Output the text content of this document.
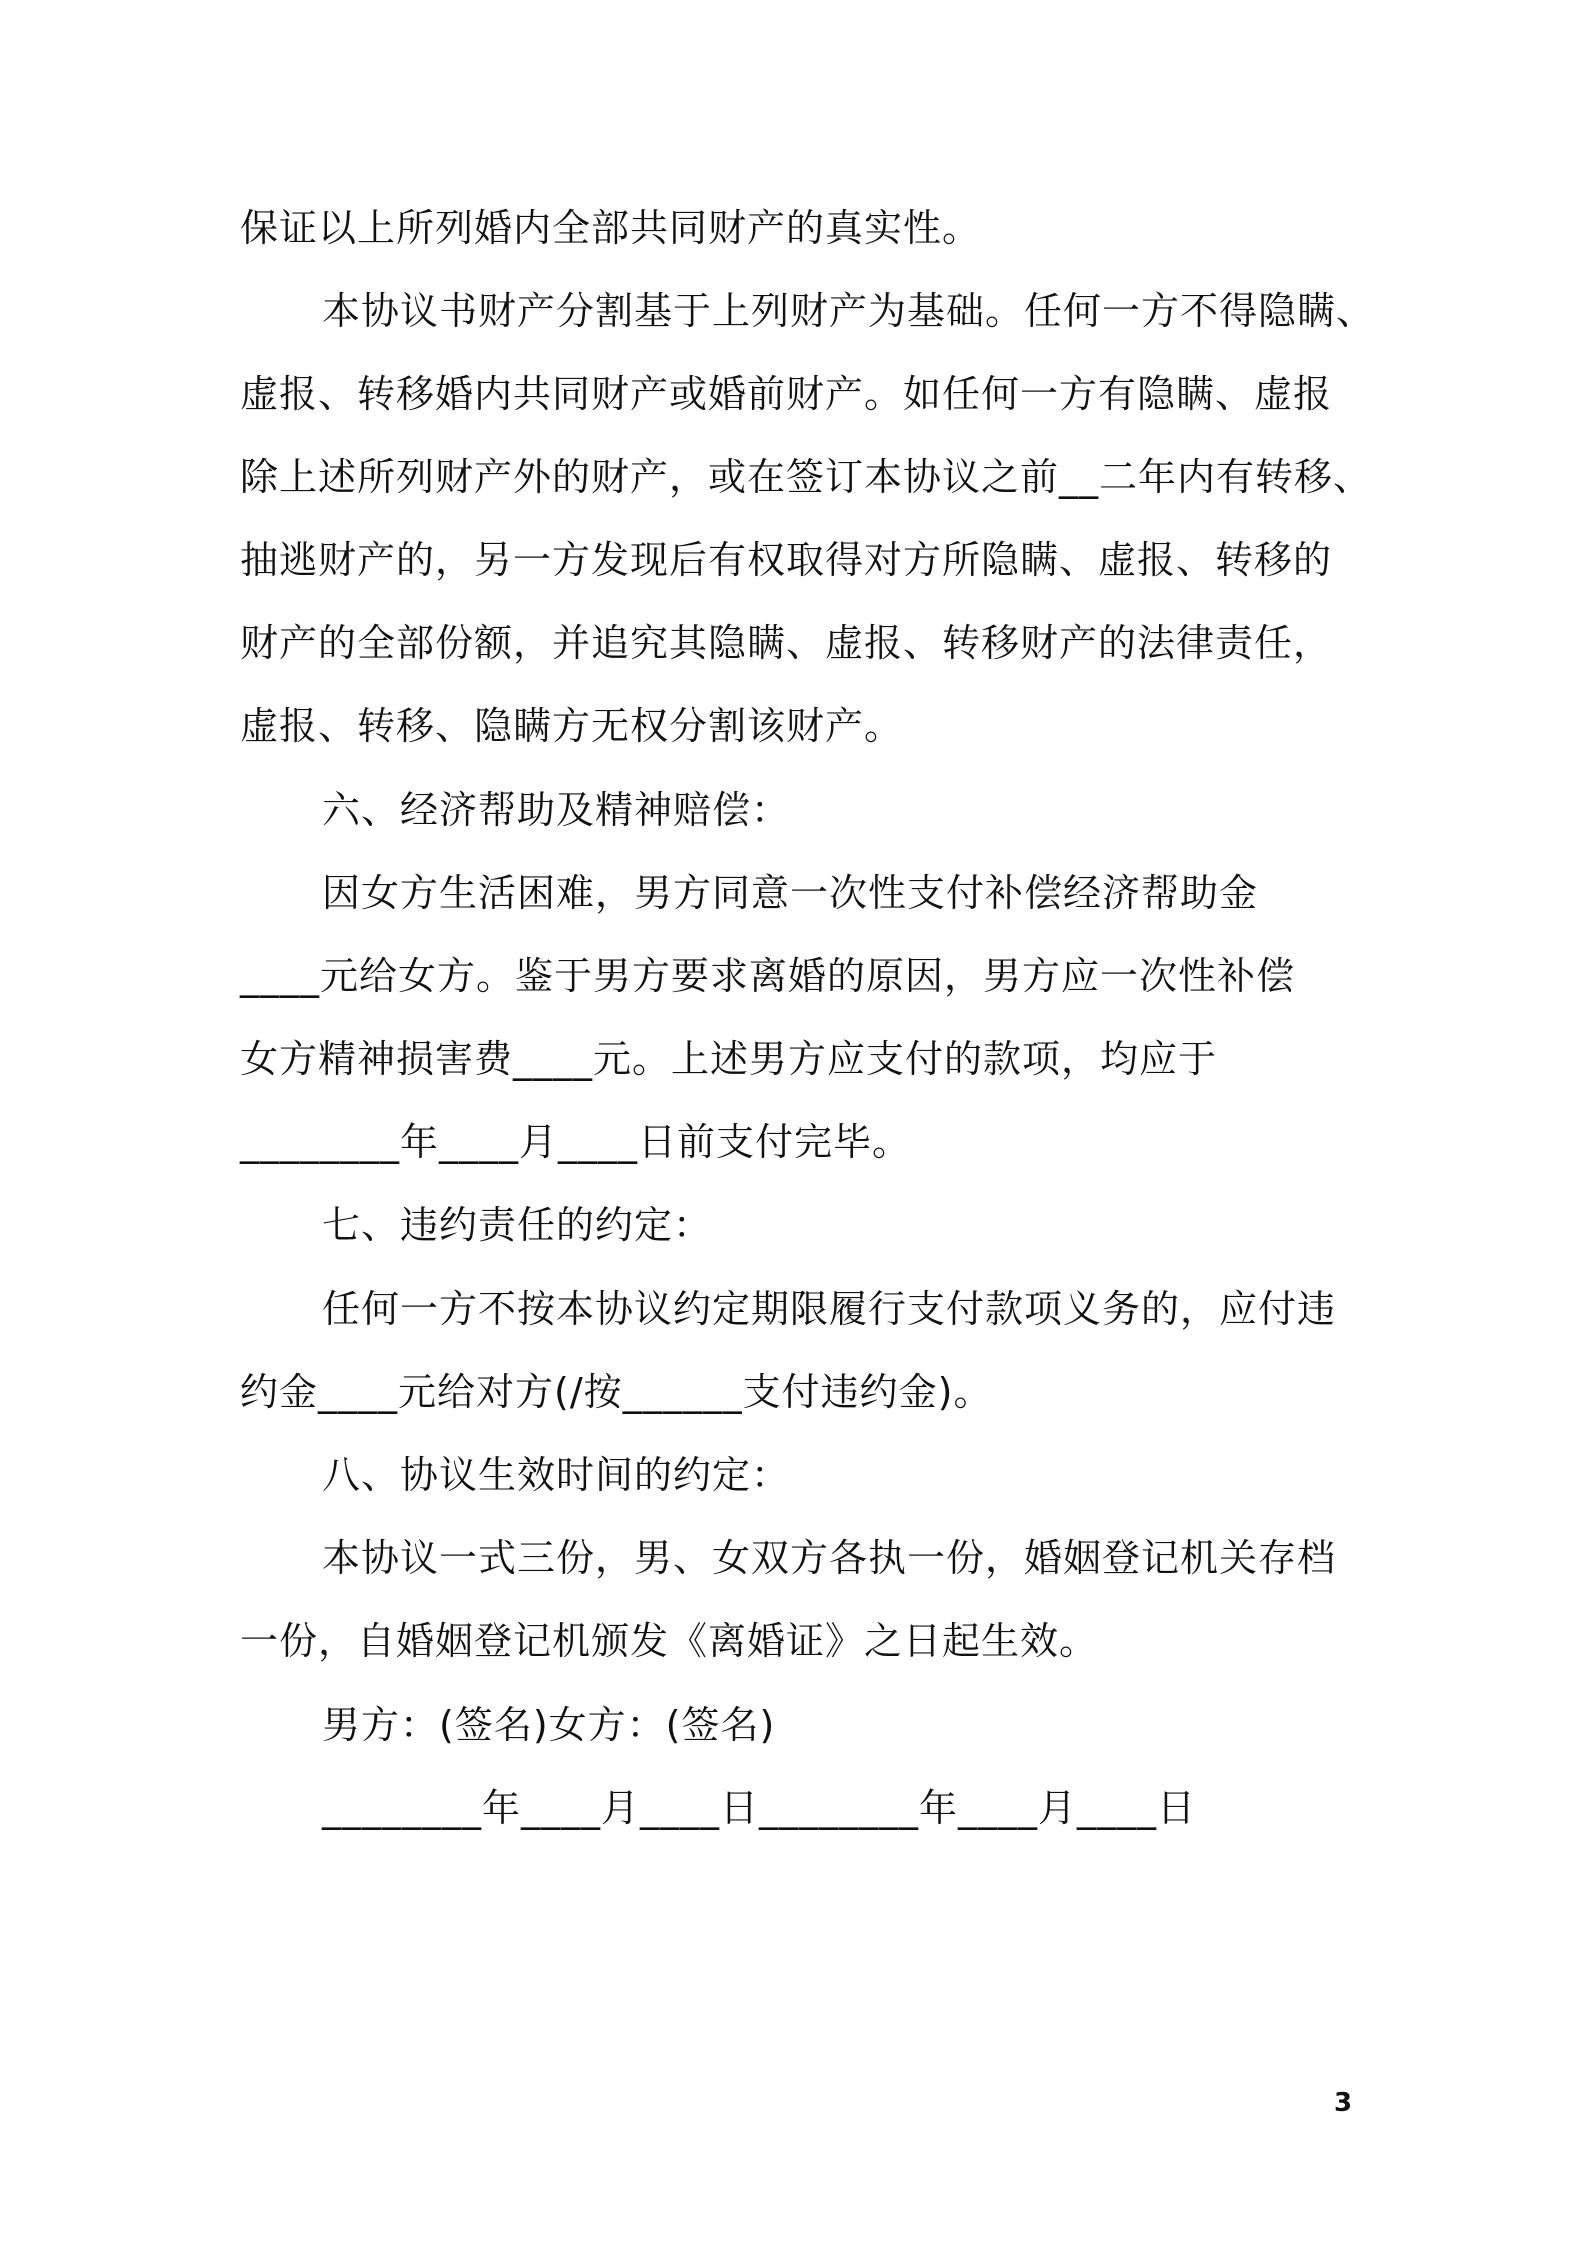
保证以上所列婚内全部共同财产的真实性。
本协议书财产分割基于上列财产为基础。任何一方不得隐瞒、
虚报、转移婚内共同财产或婚前财产。如任何一方有隐瞒、虚报
除上述所列财产外的财产，或在签订本协议之前__二年内有转移、
抽逃财产的，另一方发现后有权取得对方所隐瞒、虚报、转移的
财产的全部份额，并追究其隐瞒、虚报、转移财产的法律责任，
虚报、转移、隐瞒方无权分割该财产。
六、经济帮助及精神赔偿：
因女方生活困难，男方同意一次性支付补偿经济帮助金
____元给女方。鉴于男方要求离婚的原因，男方应一次性补偿
女方精神损害费____元。上述男方应支付的款项，均应于
________年____月____日前支付完毕。
七、违约责任的约定：
任何一方不按本协议约定期限履行支付款项义务的，应付违
约金____元给对方(/按______支付违约金)。
八、协议生效时间的约定：
本协议一式三份，男、女双方各执一份，婚姻登记机关存档
一份，自婚姻登记机颁发《离婚证》之日起生效。
男方：(签名)女方：(签名)
________年____月____日________年____月____日
3
